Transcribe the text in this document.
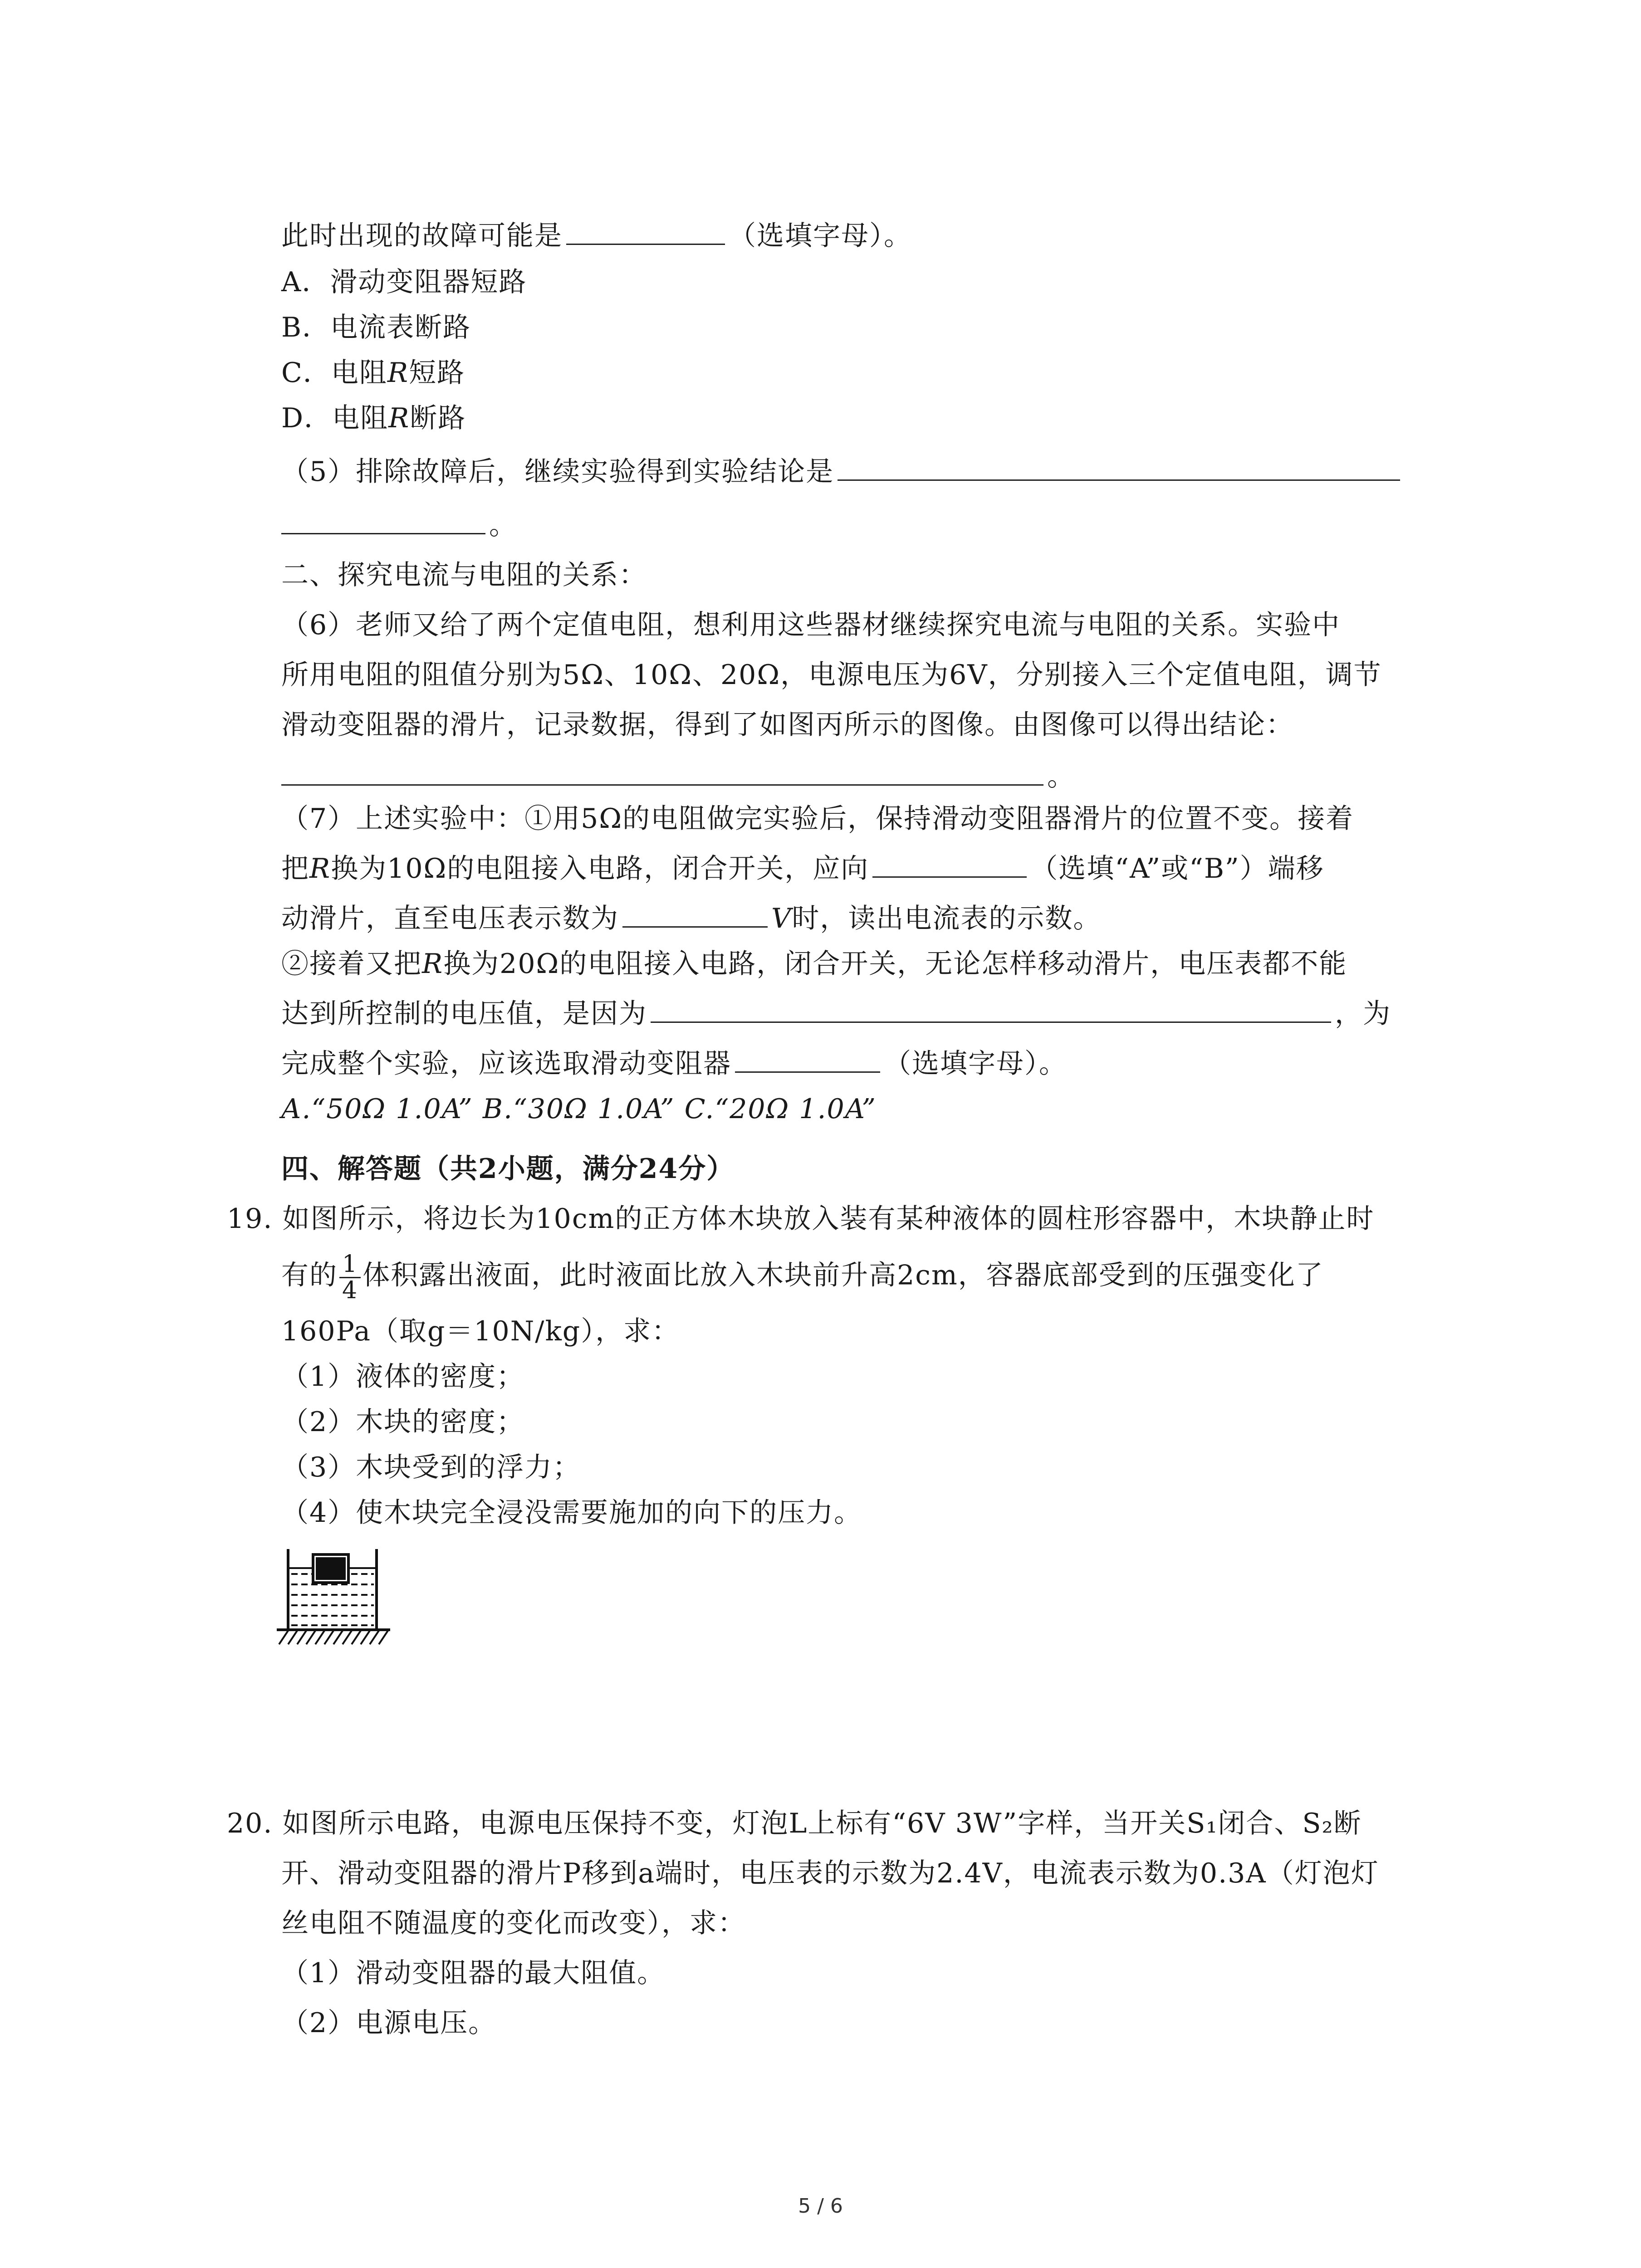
此时出现的故障可能是	（选填字母）。
A．滑动变阻器短路
B．电流表断路
C．电阻R短路
D．电阻R断路
（5）排除故障后，继续实验得到实验结论是
。
二、探究电流与电阻的关系：
（6）老师又给了两个定值电阻，想利用这些器材继续探究电流与电阻的关系。实验中
所用电阻的阻值分别为5Ω、10Ω、20Ω，电源电压为6V，分别接入三个定值电阻，调节
滑动变阻器的滑片，记录数据，得到了如图丙所示的图像。由图像可以得出结论：
。
（7）上述实验中：①用5Ω的电阻做完实验后，保持滑动变阻器滑片的位置不变。接着
把R换为10Ω的电阻接入电路，闭合开关，应向	（选填“A”或“B”）端移
动滑片，直至电压表示数为	V时，读出电流表的示数。
②接着又把R换为20Ω的电阻接入电路，闭合开关，无论怎样移动滑片，电压表都不能
达到所控制的电压值，是因为	，为
完成整个实验，应该选取滑动变阻器	（选填字母）。
A.“50Ω 1.0A” B.“30Ω 1.0A” C.“20Ω 1.0A”
四、解答题（共2小题，满分24分）
19. 如图所示，将边长为10cm的正方体木块放入装有某种液体的圆柱形容器中，木块静止时
有的 $\frac{1}{4}$ 体积露出液面，此时液面比放入木块前升高2cm，容器底部受到的压强变化了
160Pa（取g＝10N/kg），求：
（1）液体的密度；
（2）木块的密度；
（3）木块受到的浮力；
（4）使木块完全浸没需要施加的向下的压力。
20. 如图所示电路，电源电压保持不变，灯泡L上标有“6V 3W”字样，当开关S₁闭合、S₂断
开、滑动变阻器的滑片P移到a端时，电压表的示数为2.4V，电流表示数为0.3A（灯泡灯
丝电阻不随温度的变化而改变），求：
（1）滑动变阻器的最大阻值。
（2）电源电压。
5 / 6
